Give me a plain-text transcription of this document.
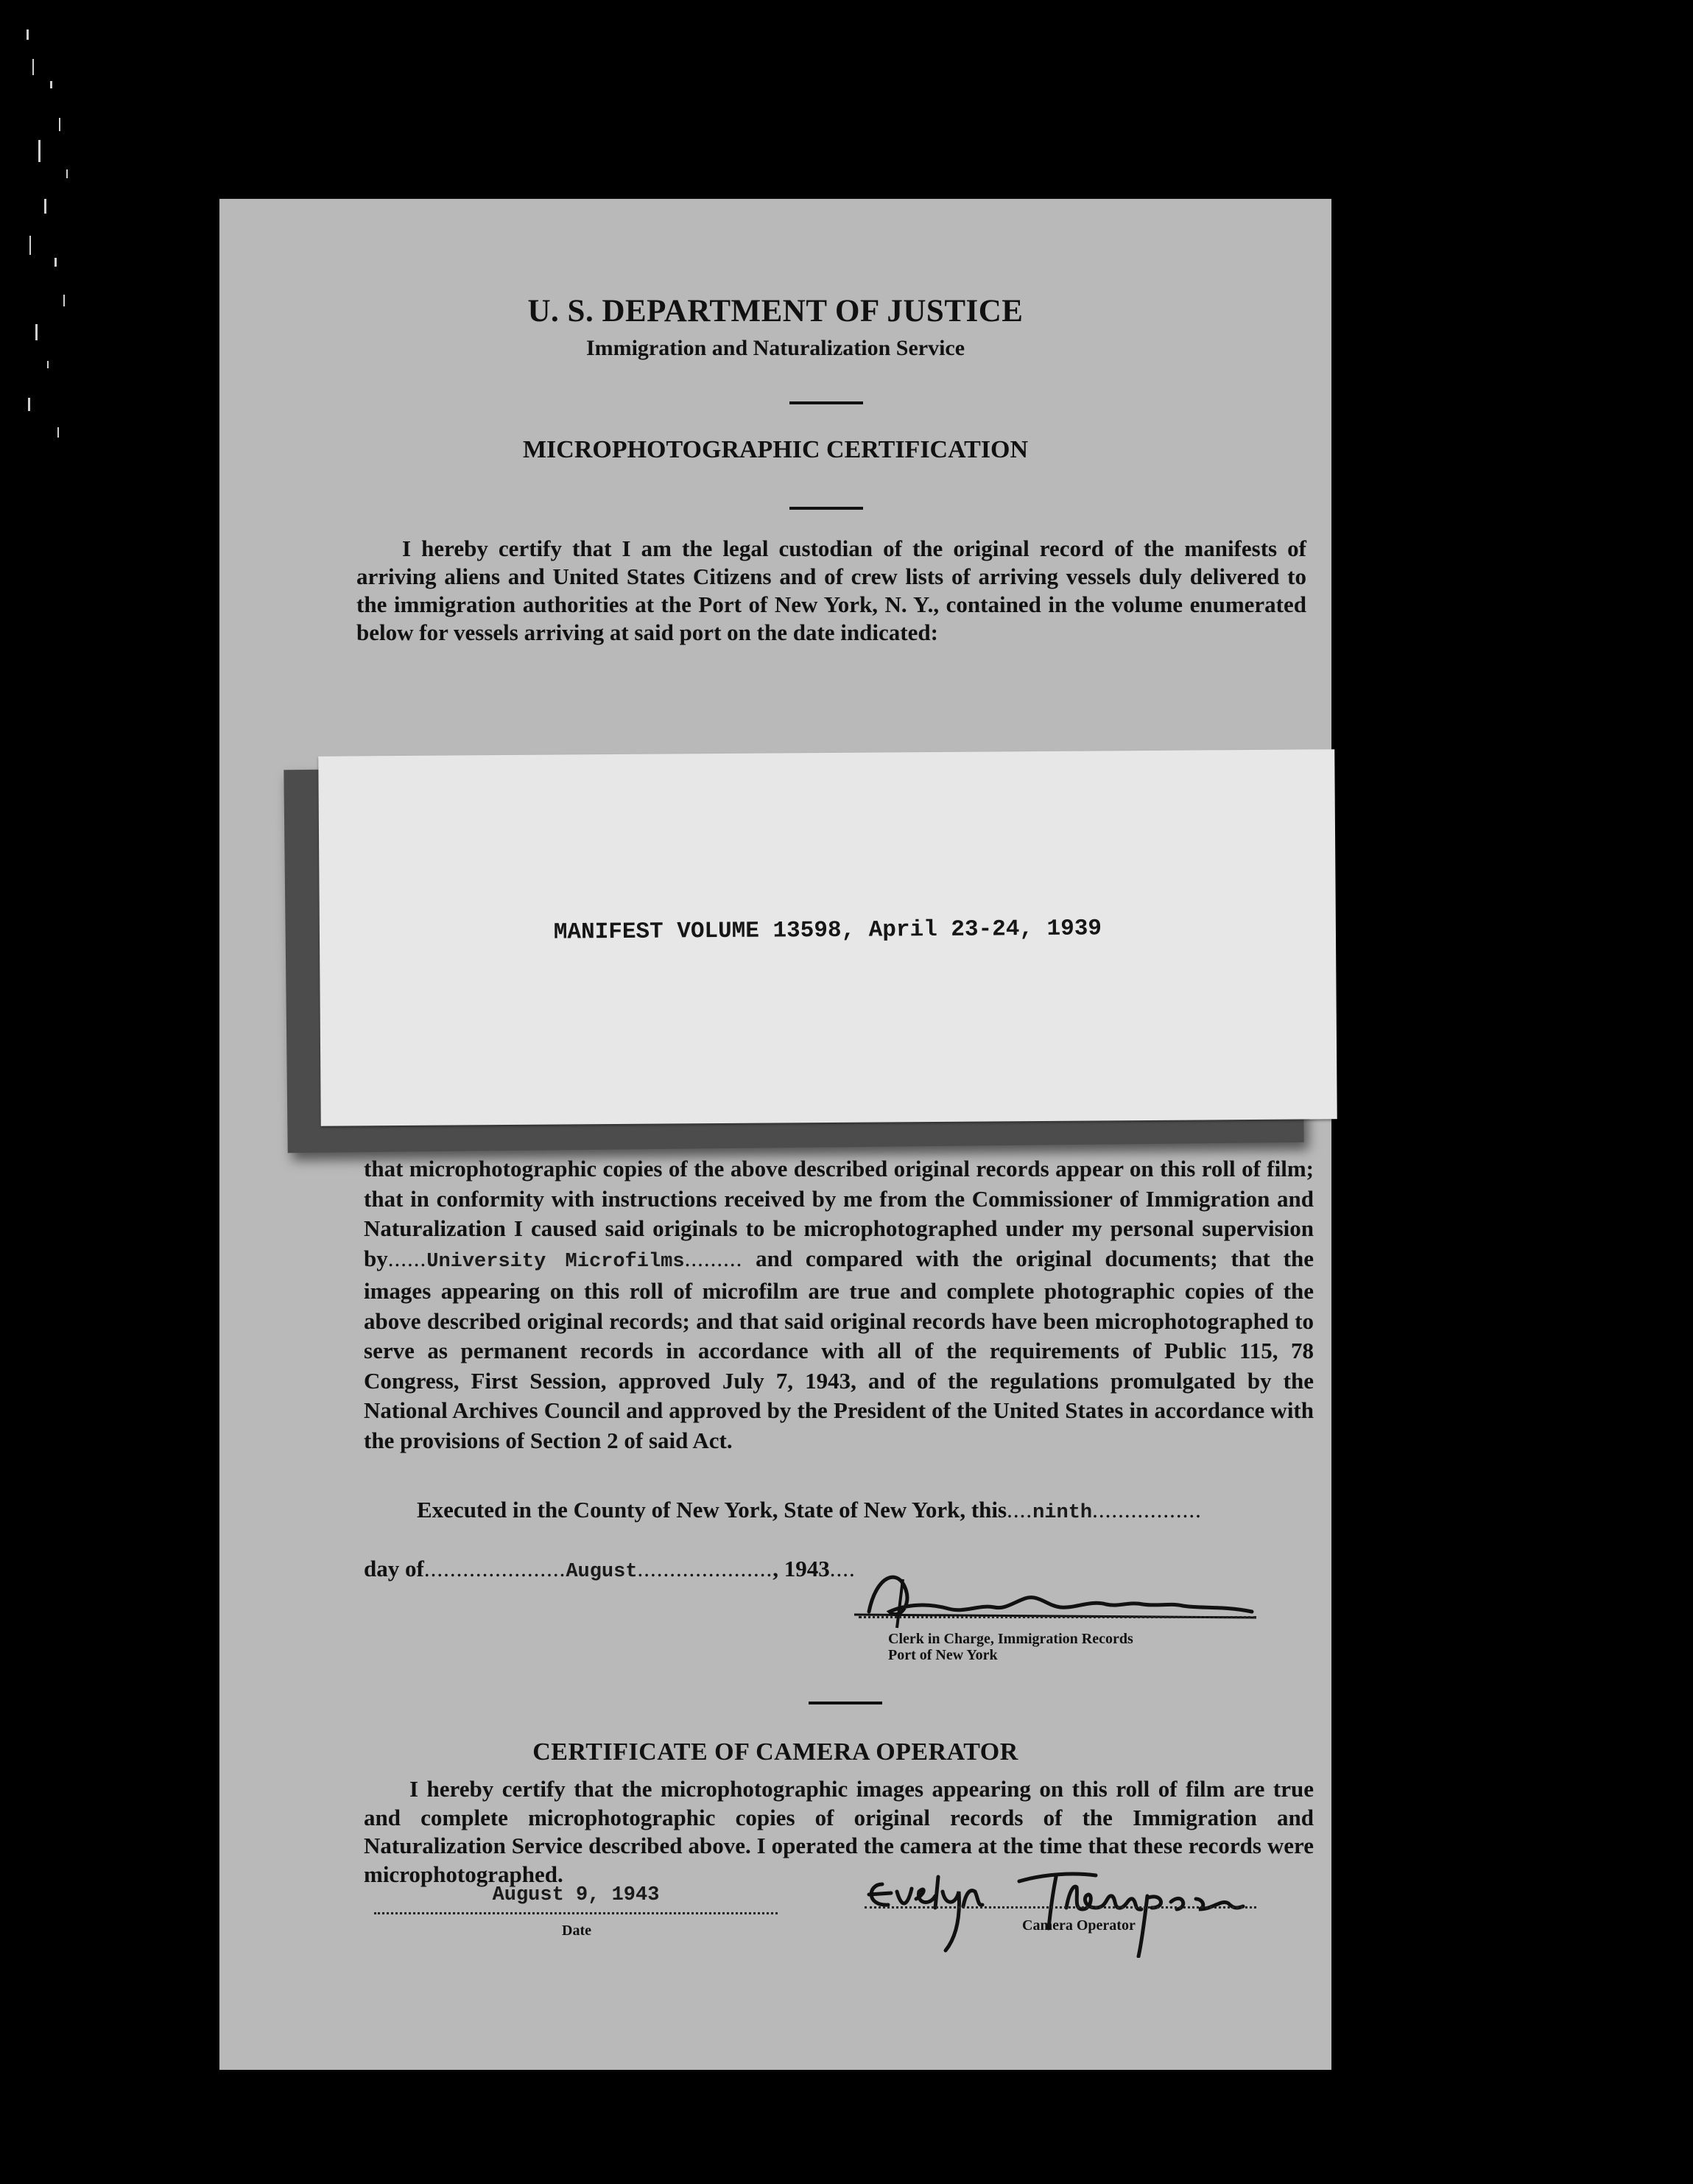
U. S. DEPARTMENT OF JUSTICE
Immigration and Naturalization Service
MICROPHOTOGRAPHIC CERTIFICATION
I hereby certify that I am the legal custodian of the original record of the manifests of arriving aliens and United States Citizens and of crew lists of arriving vessels duly delivered to the immigration authorities at the Port of New York, N. Y., contained in the volume enumerated below for vessels arriving at said port on the date indicated:
MANIFEST VOLUME 13598, April 23-24, 1939
that microphotographic copies of the above described original records appear on this roll of film; that in conformity with instructions received by me from the Commissioner of Immigration and Naturalization I caused said originals to be microphotographed under my personal supervision by......University Microfilms......... and compared with the original documents; that the images appearing on this roll of microfilm are true and complete photographic copies of the above described original records; and that said original records have been microphotographed to serve as permanent records in accordance with all of the requirements of Public 115, 78 Congress, First Session, approved July 7, 1943, and of the regulations promulgated by the National Archives Council and approved by the President of the United States in accordance with the provisions of Section 2 of said Act.
Executed in the County of New York, State of New York, this....ninth.................
day of......................August....................., 1943....
Clerk in Charge, Immigration Records
Port of New York
CERTIFICATE OF CAMERA OPERATOR
I hereby certify that the microphotographic images appearing on this roll of film are true and complete microphotographic copies of original records of the Immigration and Naturalization Service described above. I operated the camera at the time that these records were microphotographed.
August 9, 1943
Date	Camera Operator
